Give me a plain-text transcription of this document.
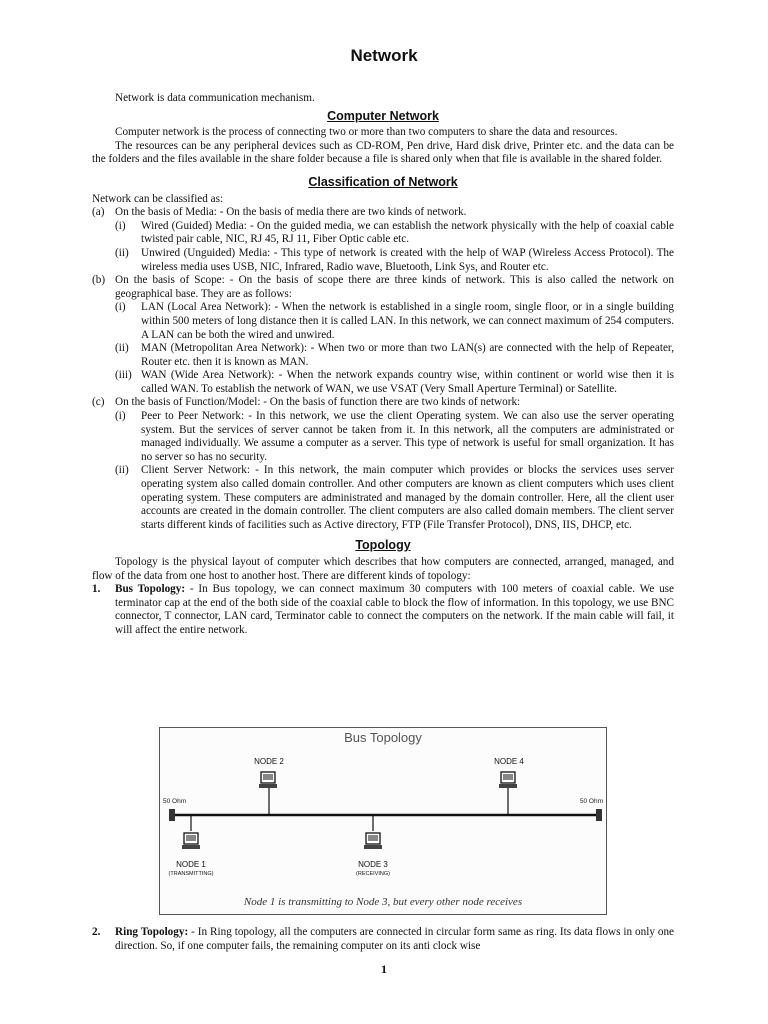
Network

Network is data communication mechanism.

Computer Network

Computer network is the process of connecting two or more than two computers to share the data and resources.

The resources can be any peripheral devices such as CD-ROM, Pen drive, Hard disk drive, Printer etc. and the data can be the folders and the files available in the share folder because a file is shared only when that file is available in the shared folder.

Classification of Network

Network can be classified as:

(a) On the basis of Media: - On the basis of media there are two kinds of network.
(i)	Wired (Guided) Media: - On the guided media, we can establish the network physically with the help of coaxial cable twisted pair cable, NIC, RJ 45, RJ 11, Fiber Optic cable etc.
(ii)	Unwired (Unguided) Media: - This type of network is created with the help of WAP (Wireless Access Protocol). The wireless media uses USB, NIC, Infrared, Radio wave, Bluetooth, Link Sys, and Router etc.
(b) On the basis of Scope: - On the basis of scope there are three kinds of network. This is also called the network on geographical base. They are as follows:
(i)	LAN (Local Area Network): - When the network is established in a single room, single floor, or in a single building within 500 meters of long distance then it is called LAN. In this network, we can connect maximum of 254 computers. A LAN can be both the wired and unwired.
(ii)	MAN (Metropolitan Area Network): - When two or more than two LAN(s) are connected with the help of Repeater, Router etc. then it is known as MAN.
(iii) WAN (Wide Area Network): - When the network expands country wise, within continent or world wise then it is called WAN. To establish the network of WAN, we use VSAT (Very Small Aperture Terminal) or Satellite.
(c) On the basis of Function/Model: - On the basis of function there are two kinds of network:
(i)	Peer to Peer Network: - In this network, we use the client Operating system. We can also use the server operating system. But the services of server cannot be taken from it. In this network, all the computers are administrated or managed individually. We assume a computer as a server. This type of network is useful for small organization. It has no server so has no security.
(ii)	Client Server Network: - In this network, the main computer which provides or blocks the services uses server operating system also called domain controller. And other computers are known as client computers which uses client operating system. These computers are administrated and managed by the domain controller. Here, all the client user accounts are created in the domain controller. The client computers are also called domain members. The client server starts different kinds of facilities such as Active directory, FTP (File Transfer Protocol), DNS, IIS, DHCP, etc.

Topology

Topology is the physical layout of computer which describes that how computers are connected, arranged, managed, and flow of the data from one host to another host. There are different kinds of topology:

1.	Bus Topology: - In Bus topology, we can connect maximum 30 computers with 100 meters of coaxial cable. We use terminator cap at the end of the both side of the coaxial cable to block the flow of information. In this topology, we use BNC connector, T connector, LAN card, Terminator cable to connect the computers on the network. If the main cable will fail, it will affect the entire network.
Bus Topology
50 Ohm	50 Ohm
NODE 2	NODE 4
NODE 1
(TRANSMITTING)
NODE 3
(RECEIVING)
Node 1 is transmitting to Node 3, but every other node receives
2.	Ring Topology: - In Ring topology, all the computers are connected in circular form same as ring. Its data flows in only one direction. So, if one computer fails, the remaining computer on its anti clock wise
1
